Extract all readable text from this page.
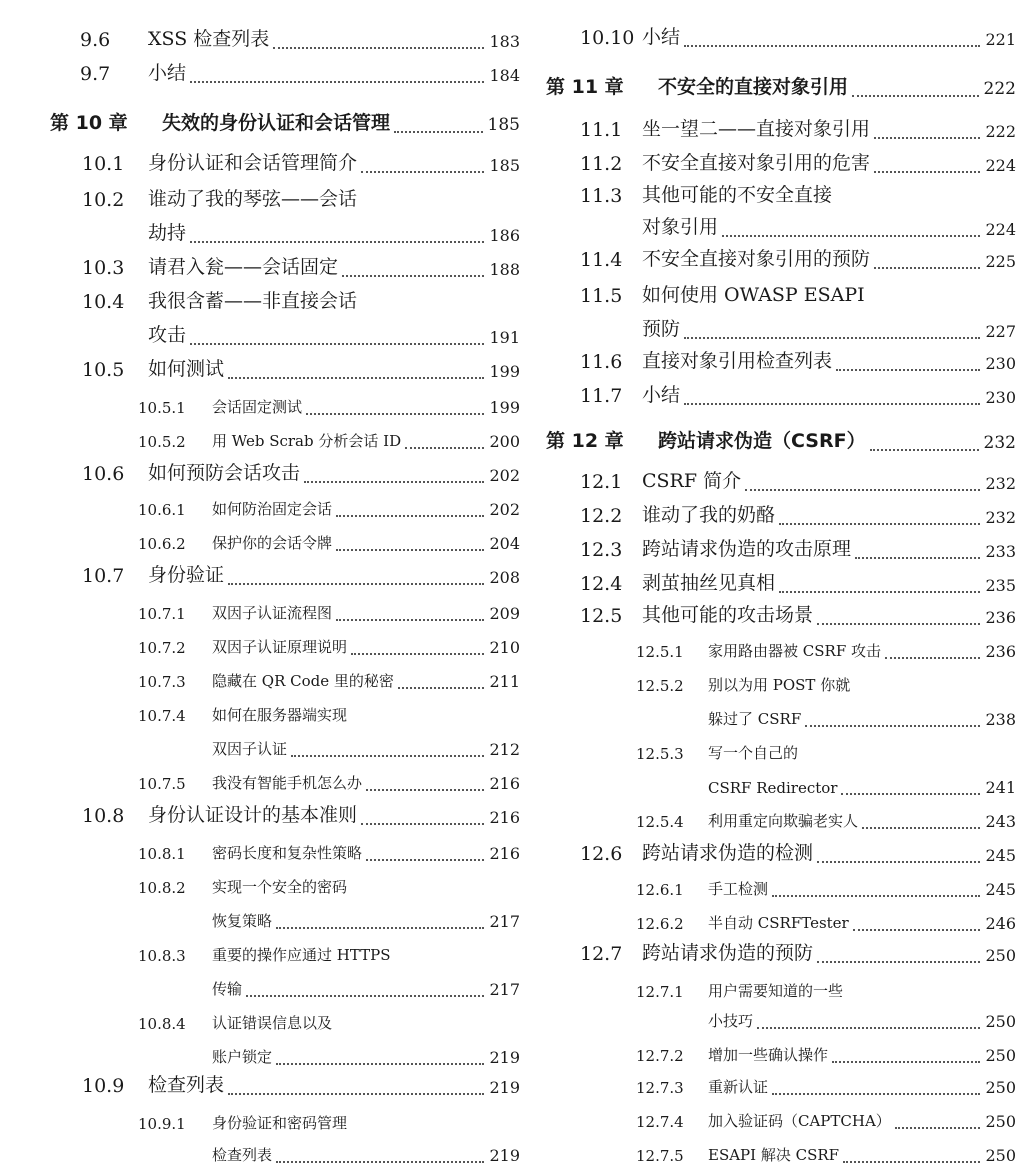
9.6 XSS 检查列表	183
9.7 小结	184
第 10 章 失效的身份认证和会话管理	185
10.1 身份认证和会话管理简介	185
10.2 谁动了我的琴弦——会话
劫持	186
10.3 请君入瓮——会话固定	188
10.4 我很含蓄——非直接会话
攻击	191
10.5 如何测试	199
10.5.1 会话固定测试	199
10.5.2 用 Web Scrab 分析会话 ID	200
10.6 如何预防会话攻击	202
10.6.1 如何防治固定会话	202
10.6.2 保护你的会话令牌	204
10.7 身份验证	208
10.7.1 双因子认证流程图	209
10.7.2 双因子认证原理说明	210
10.7.3 隐藏在 QR Code 里的秘密	211
10.7.4 如何在服务器端实现
双因子认证	212
10.7.5 我没有智能手机怎么办	216
10.8 身份认证设计的基本准则	216
10.8.1 密码长度和复杂性策略	216
10.8.2 实现一个安全的密码
恢复策略	217
10.8.3 重要的操作应通过 HTTPS
传输	217
10.8.4 认证错误信息以及
账户锁定	219
10.9 检查列表	219
10.9.1 身份验证和密码管理
检查列表	219
10.10 小结	221
第 11 章 不安全的直接对象引用	222
11.1 坐一望二——直接对象引用	222
11.2 不安全直接对象引用的危害	224
11.3 其他可能的不安全直接
对象引用	224
11.4 不安全直接对象引用的预防	225
11.5 如何使用 OWASP ESAPI
预防	227
11.6 直接对象引用检查列表	230
11.7 小结	230
第 12 章 跨站请求伪造（CSRF）	232
12.1 CSRF 简介	232
12.2 谁动了我的奶酪	232
12.3 跨站请求伪造的攻击原理	233
12.4 剥茧抽丝见真相	235
12.5 其他可能的攻击场景	236
12.5.1 家用路由器被 CSRF 攻击	236
12.5.2 别以为用 POST 你就
躲过了 CSRF	238
12.5.3 写一个自己的
CSRF Redirector	241
12.5.4 利用重定向欺骗老实人	243
12.6 跨站请求伪造的检测	245
12.6.1 手工检测	245
12.6.2 半自动 CSRFTester	246
12.7 跨站请求伪造的预防	250
12.7.1 用户需要知道的一些
小技巧	250
12.7.2 增加一些确认操作	250
12.7.3 重新认证	250
12.7.4 加入验证码（CAPTCHA）	250
12.7.5 ESAPI 解决 CSRF	250
